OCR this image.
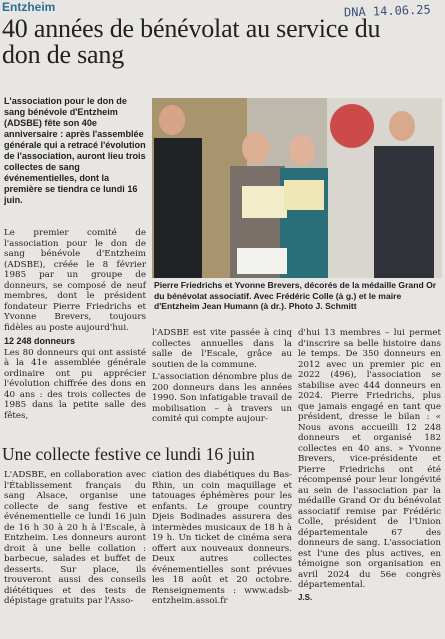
Entzheim	DNA 14.06.25
40 années de bénévolat au service du don de sang
L'association pour le don de sang bénévole d'Entzheim (ADSBE) fête son 40e anniversaire : après l'assemblée générale qui a retracé l'évolution de l'association, auront lieu trois collectes de sang événementielles, dont la première se tiendra ce lundi 16 juin.
Pierre Friedrichs et Yvonne Brevers, décorés de la médaille Grand Or du bénévolat associatif. Avec Frédéric Colle (à g.) et le maire d'Entzheim Jean Humann (à dr.). Photo J. Schmitt

Le premier comité de l'association pour le don de sang bénévole d'Entzheim (ADSBE), créée le 8 février 1985 par un groupe de donneurs, se composé de neuf membres, dont le président fondateur Pierre Friedrichs et Yvonne Brevers, toujours fidèles au poste aujourd'hui.

12 248 donneurs

Les 80 donneurs qui ont assisté à la 41e assemblée générale ordinaire ont pu apprécier l'évolution chiffrée des dons en 40 ans : des trois collectes de 1985 dans la petite salle des fêtes,

l'ADSBE est vite passée à cinq collectes annuelles dans la salle de l'Escale, grâce au soutien de la commune.

L'association dénombre plus de 200 donneurs dans les années 1990. Son infatigable travail de mobilisation – à travers un comité qui compte aujour-

d'hui 13 membres – lui permet d'inscrire sa belle histoire dans le temps. De 350 donneurs en 2012 avec un premier pic en 2022 (496), l'association se stabilise avec 444 donneurs en 2024. Pierre Friedrichs, plus que jamais engagé en tant que président, dresse le bilan : « Nous avons accueilli 12 248 donneurs et organisé 182 collectes en 40 ans. » Yvonne Brevers, vice-présidente et Pierre Friedrichs ont été récompensé pour leur longévité au sein de l'association par la médaille Grand Or du bénévolat associatif remise par Frédéric Colle, président de l'Union départementale 67 des donneurs de sang. L'association est l'une des plus actives, en témoigne son organisation en avril 2024 du 56e congrès départemental.

J.S.
Une collecte festive ce lundi 16 juin
L'ADSBE, en collaboration avec l'Établissement français du sang Alsace, organise une collecte de sang festive et événementielle ce lundi 16 juin de 16 h 30 à 20 h à l'Escale, à Entzheim. Les donneurs auront droit à une belle collation : barbecue, salades et buffet de desserts. Sur place, ils trouveront aussi des conseils diététiques et des tests de dépistage gratuits par l'Asso-
ciation des diabétiques du Bas-Rhin, un coin maquillage et tatouages éphémères pour les enfants. Le groupe country Djeis Bodinades assurera des intermèdes musicaux de 18 h à 19 h. Un ticket de cinéma sera offert aux nouveaux donneurs. Deux autres collectes événementielles sont prévues les 18 août et 20 octobre. Renseignements : www.adsb-entzheim.assoi.fr
